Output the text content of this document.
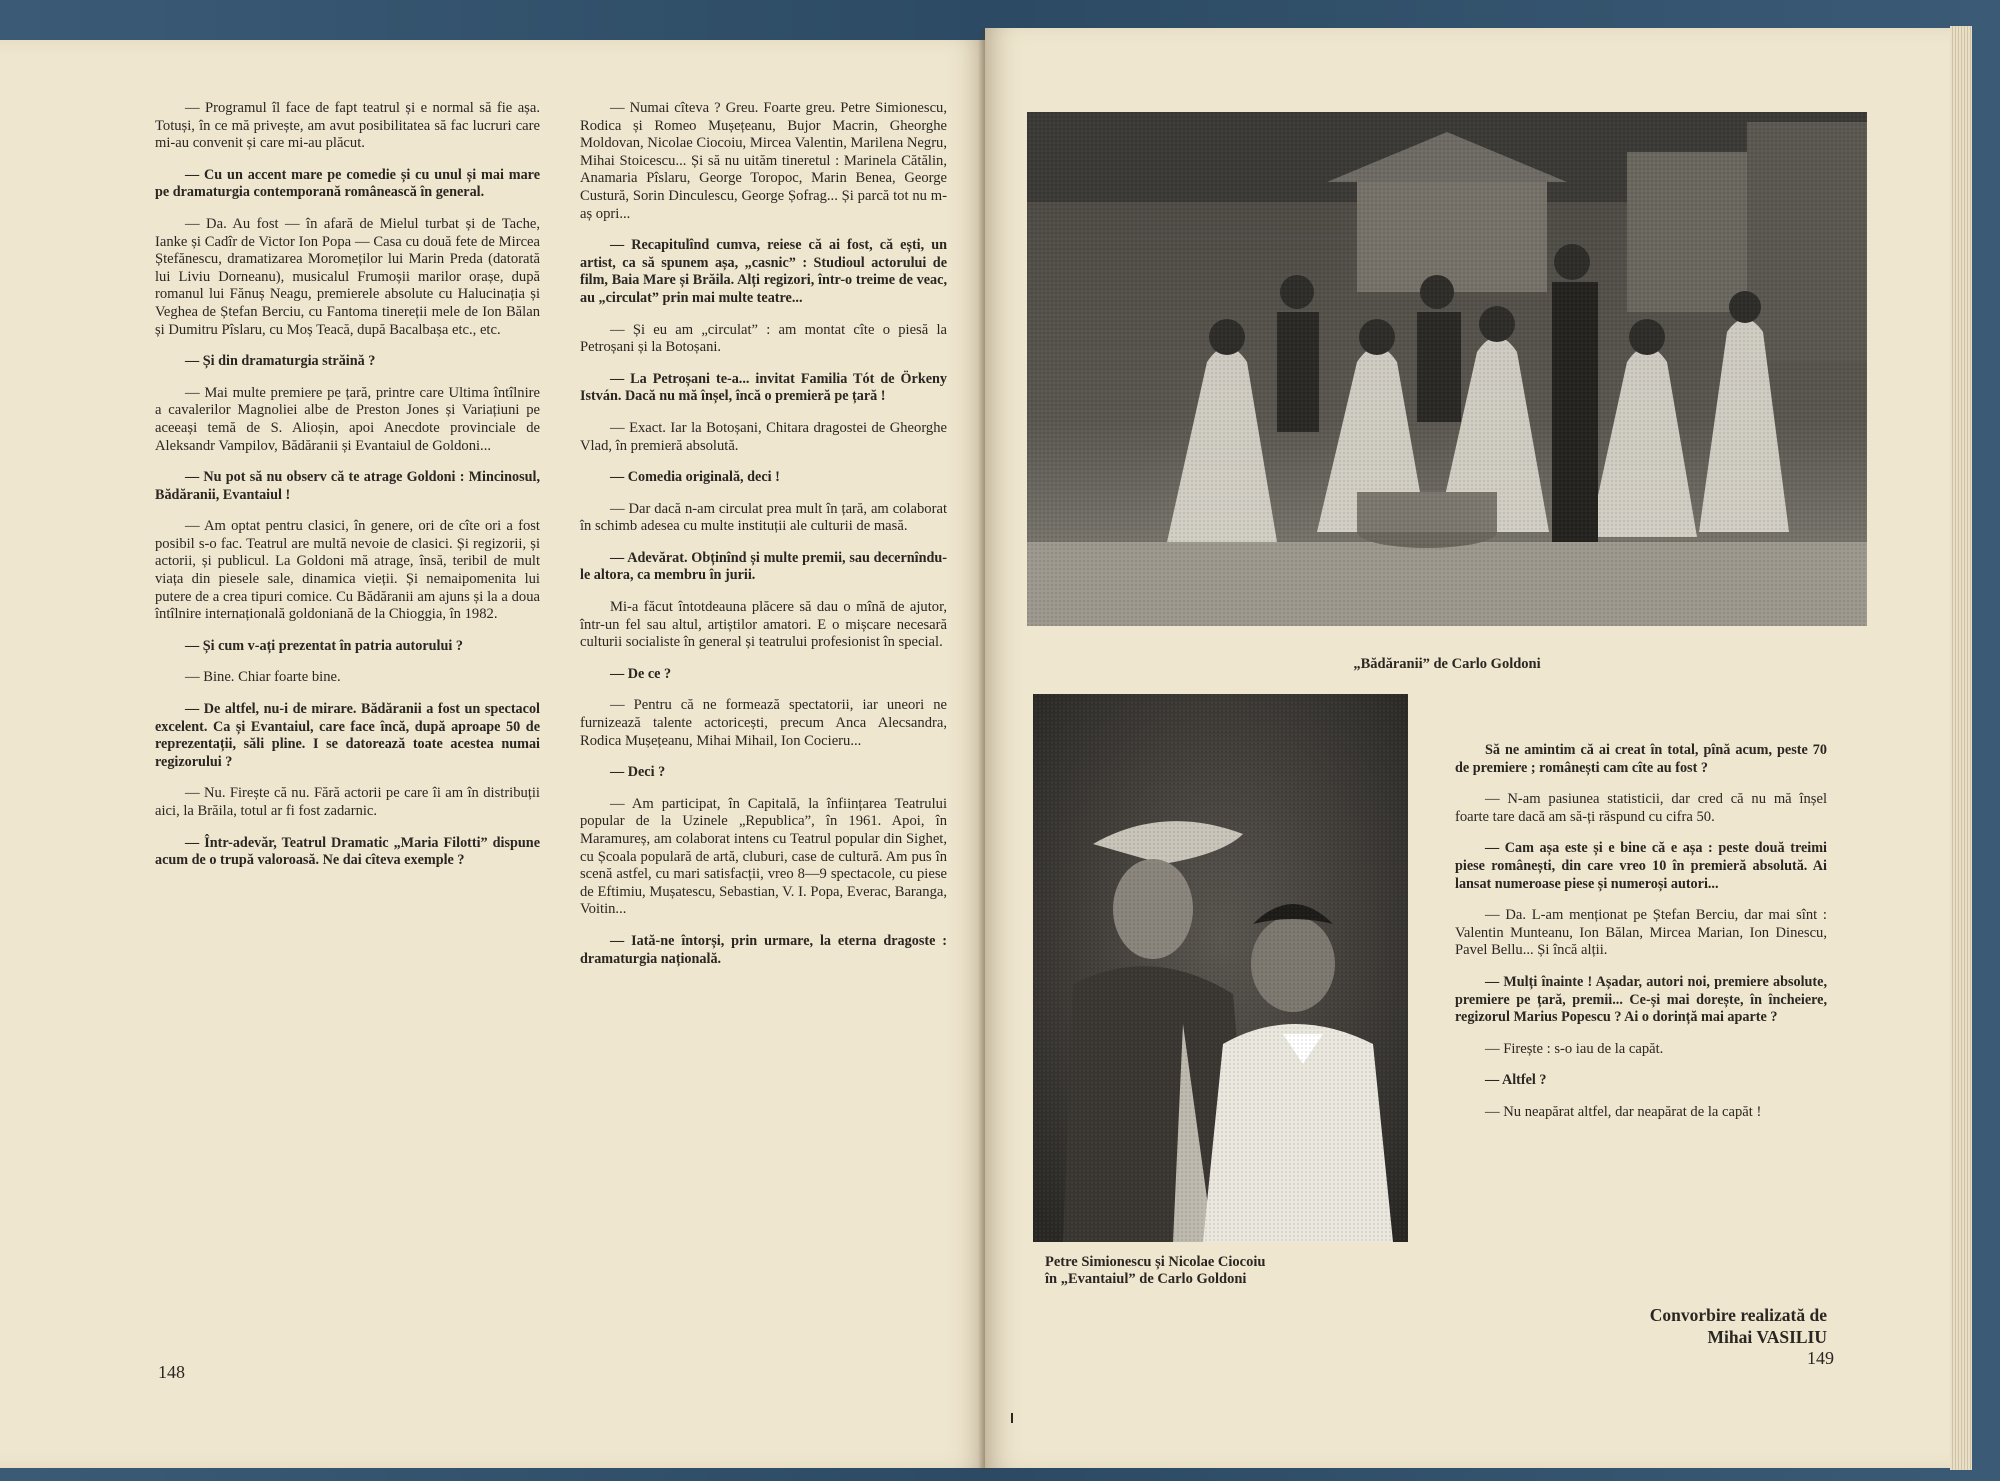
— Programul îl face de fapt teatrul și e normal să fie așa. Totuși, în ce mă privește, am avut posibilitatea să fac lucruri care mi-au convenit și care mi-au plăcut.

— Cu un accent mare pe comedie și cu unul și mai mare pe dramaturgia contemporană românească în general.

— Da. Au fost — în afară de Mielul turbat și de Tache, Ianke și Cadîr de Victor Ion Popa — Casa cu două fete de Mircea Ștefănescu, dramatizarea Moromeților lui Marin Preda (datorată lui Liviu Dorneanu), musicalul Frumoșii marilor orașe, după romanul lui Fănuș Neagu, premierele absolute cu Halucinația și Veghea de Ștefan Berciu, cu Fantoma tinereții mele de Ion Bălan și Dumitru Pîslaru, cu Moș Teacă, după Bacalbașa etc., etc.

— Și din dramaturgia străină ?

— Mai multe premiere pe țară, printre care Ultima întîlnire a cavalerilor Magnoliei albe de Preston Jones și Variațiuni pe aceeași temă de S. Alioșin, apoi Anecdote provinciale de Aleksandr Vampilov, Bădăranii și Evantaiul de Goldoni...

— Nu pot să nu observ că te atrage Goldoni : Mincinosul, Bădăranii, Evantaiul !

— Am optat pentru clasici, în genere, ori de cîte ori a fost posibil s-o fac. Teatrul are multă nevoie de clasici. Și regizorii, și actorii, și publicul. La Goldoni mă atrage, însă, teribil de mult viața din piesele sale, dinamica vieții. Și nemaipomenita lui putere de a crea tipuri comice. Cu Bădăranii am ajuns și la a doua întîlnire internațională goldoniană de la Chioggia, în 1982.

— Și cum v-ați prezentat în patria autorului ?

— Bine. Chiar foarte bine.

— De altfel, nu-i de mirare. Bădăranii a fost un spectacol excelent. Ca și Evantaiul, care face încă, după aproape 50 de reprezentații, săli pline. I se datorează toate acestea numai regizorului ?

— Nu. Firește că nu. Fără actorii pe care îi am în distribuții aici, la Brăila, totul ar fi fost zadarnic.

— Într-adevăr, Teatrul Dramatic „Maria Filotti” dispune acum de o trupă valoroasă. Ne dai cîteva exemple ?

— Numai cîteva ? Greu. Foarte greu. Petre Simionescu, Rodica și Romeo Mușețeanu, Bujor Macrin, Gheorghe Moldovan, Nicolae Ciocoiu, Mircea Valentin, Marilena Negru, Mihai Stoicescu... Și să nu uităm tineretul : Marinela Cătălin, Anamaria Pîslaru, George Toropoc, Marin Benea, George Custură, Sorin Dinculescu, George Șofrag... Și parcă tot nu m-aș opri...

— Recapitulînd cumva, reiese că ai fost, că ești, un artist, ca să spunem așa, „casnic” : Studioul actorului de film, Baia Mare și Brăila. Alți regizori, într-o treime de veac, au „circulat” prin mai multe teatre...

— Și eu am „circulat” : am montat cîte o piesă la Petroșani și la Botoșani.

— La Petroșani te-a... invitat Familia Tót de Örkeny István. Dacă nu mă înșel, încă o premieră pe țară !

— Exact. Iar la Botoșani, Chitara dragostei de Gheorghe Vlad, în premieră absolută.

— Comedia originală, deci !

— Dar dacă n-am circulat prea mult în țară, am colaborat în schimb adesea cu multe instituții ale culturii de masă.

— Adevărat. Obținînd și multe premii, sau decernîndu-le altora, ca membru în jurii.

Mi-a făcut întotdeauna plăcere să dau o mînă de ajutor, într-un fel sau altul, artiștilor amatori. E o mișcare necesară culturii socialiste în general și teatrului profesionist în special.

— De ce ?

— Pentru că ne formează spectatorii, iar uneori ne furnizează talente actoricești, precum Anca Alecsandra, Rodica Mușețeanu, Mihai Mihail, Ion Cocieru...

— Deci ?

— Am participat, în Capitală, la înființarea Teatrului popular de la Uzinele „Republica”, în 1961. Apoi, în Maramureș, am colaborat intens cu Teatrul popular din Sighet, cu Școala populară de artă, cluburi, case de cultură. Am pus în scenă astfel, cu mari satisfacții, vreo 8—9 spectacole, cu piese de Eftimiu, Mușatescu, Sebastian, V. I. Popa, Everac, Baranga, Voitin...

— Iată-ne întorși, prin urmare, la eterna dragoste : dramaturgia națională.

148
„Bădăranii” de Carlo Goldoni
Petre Simionescu și Nicolae Ciocoiu
în „Evantaiul” de Carlo Goldoni

Să ne amintim că ai creat în total, pînă acum, peste 70 de premiere ; românești cam cîte au fost ?

— N-am pasiunea statisticii, dar cred că nu mă înșel foarte tare dacă am să-ți răspund cu cifra 50.

— Cam așa este și e bine că e așa : peste două treimi piese românești, din care vreo 10 în premieră absolută. Ai lansat numeroase piese și numeroși autori...

— Da. L-am menționat pe Ștefan Berciu, dar mai sînt : Valentin Munteanu, Ion Bălan, Mircea Marian, Ion Dinescu, Pavel Bellu... Și încă alții.

— Mulți înainte ! Așadar, autori noi, premiere absolute, premiere pe țară, premii... Ce-și mai dorește, în încheiere, regizorul Marius Popescu ? Ai o dorință mai aparte ?

— Firește : s-o iau de la capăt.

— Altfel ?

— Nu neapărat altfel, dar neapărat de la capăt !

Convorbire realizată de
Mihai VASILIU
149
